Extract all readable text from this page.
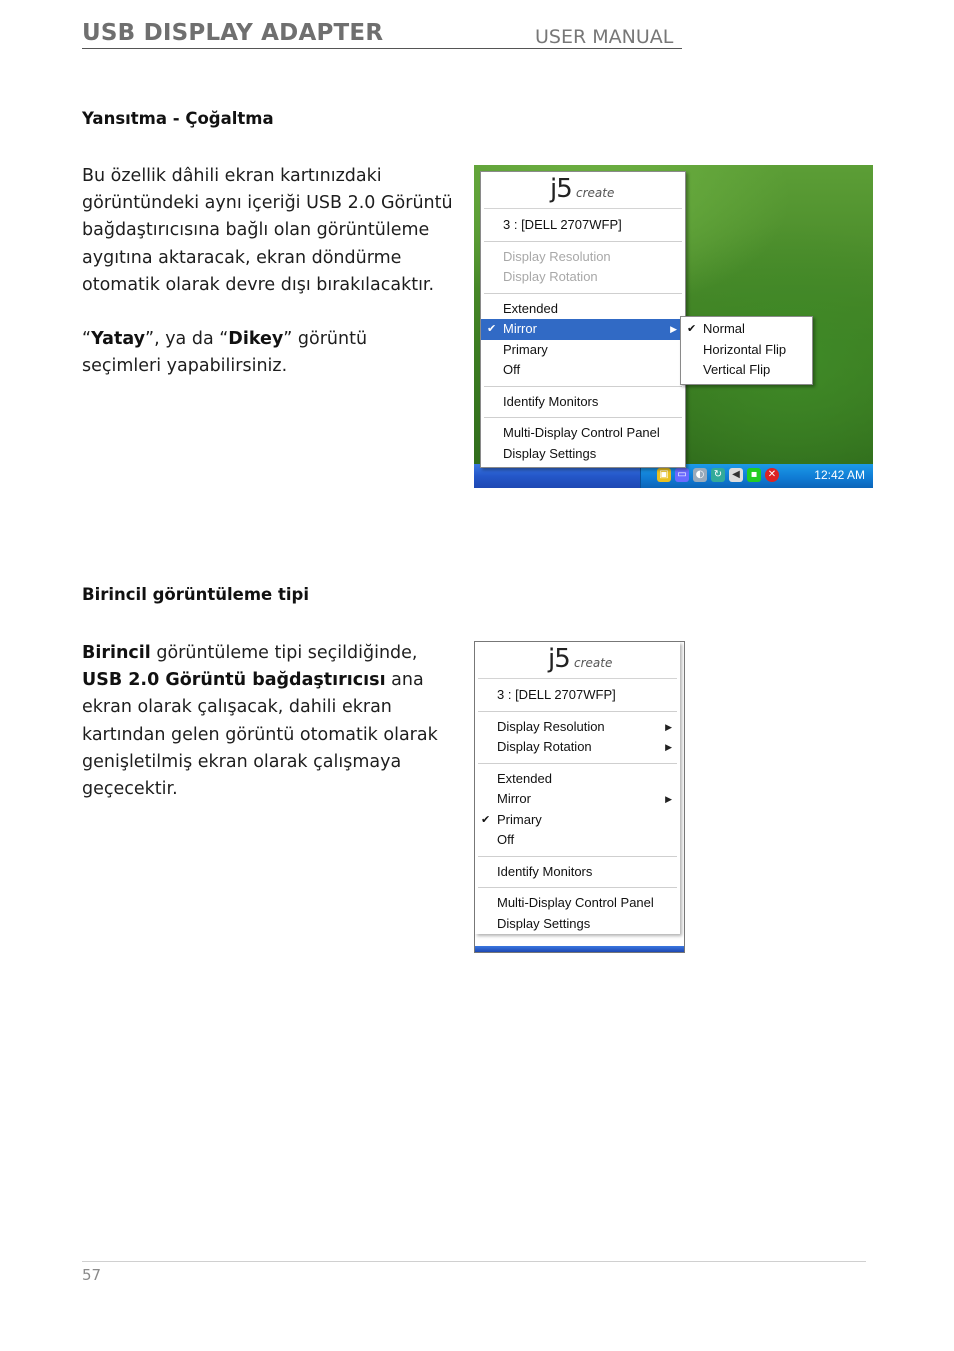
USB DISPLAY ADAPTER	USER MANUAL
Yansıtma - Çoğaltma

Bu özellik dâhili ekran kartınızdaki görüntündeki aynı içeriği USB 2.0 Görüntü bağdaştırıcısına bağlı olan görüntüleme aygıtına aktaracak, ekran döndürme otomatik olarak devre dışı bırakılacaktır.

“Yatay”, ya da “Dikey” görüntü seçimleri yapabilirsiniz.

▣ ▭ ◐ ↻ ◀	▪	✕	12:42 AM
j5 create
3 : [DELL 2707WFP]
Display Resolution
Display Rotation
Extended
✔ Mirror	▶
Primary
Off
Identify Monitors
Multi-Display Control Panel
Display Settings
✔ Normal
Horizontal Flip
Vertical Flip
Birincil görüntüleme tipi

Birincil görüntüleme tipi seçildiğinde, USB 2.0 Görüntü bağdaştırıcısı ana ekran olarak çalışacak, dahili ekran kartından gelen görüntü otomatik olarak genişletilmiş ekran olarak çalışmaya geçecektir.

j5 create
3 : [DELL 2707WFP]
Display Resolution	▶
Display Rotation	▶
Extended
Mirror	▶
✔ Primary
Off
Identify Monitors
Multi-Display Control Panel
Display Settings
57
